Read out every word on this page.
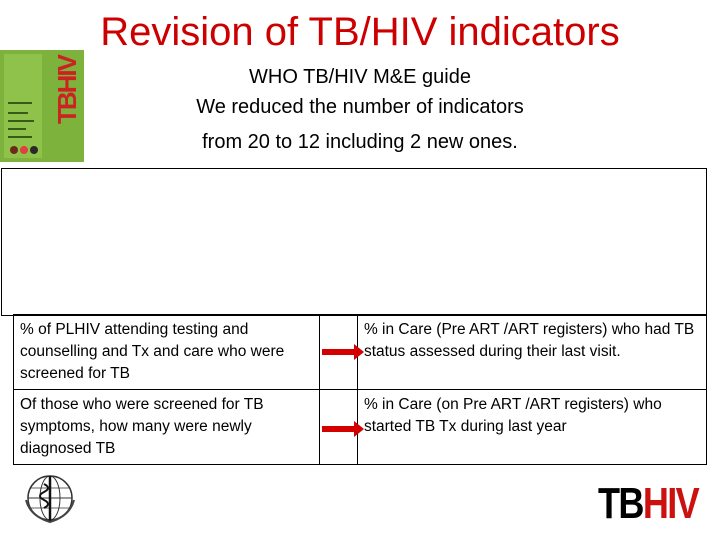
Revision of TB/HIV indicators
TBHIV	WHO TB/HIV M&E guide
We reduced the number of indicators
from 20 to 12 including 2 new ones.
% of PLHIV attending testing and counselling and Tx and care who were screened for TB		% in Care (Pre ART /ART registers) who had TB status assessed during their last visit.
Of those who were screened for TB symptoms, how many were newly diagnosed TB		% in Care (on Pre ART /ART registers) who started TB Tx during last year
TBHIV
